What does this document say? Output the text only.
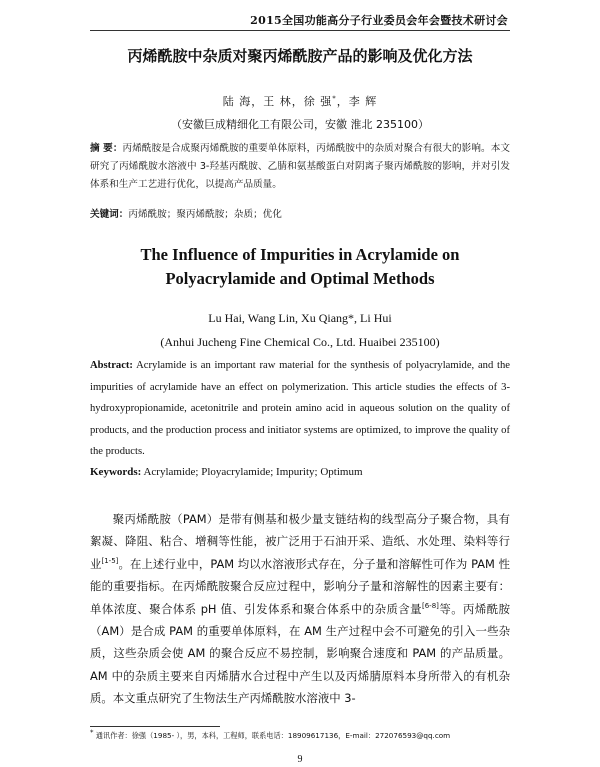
2015全国功能高分子行业委员会年会暨技术研讨会
丙烯酰胺中杂质对聚丙烯酰胺产品的影响及优化方法
陆 海，王 林，徐 强*，李 辉
（安徽巨成精细化工有限公司，安徽 淮北 235100）
摘 要：丙烯酰胺是合成聚丙烯酰胺的重要单体原料，丙烯酰胺中的杂质对聚合有很大的影响。本文研究了丙烯酰胺水溶液中 3-羟基丙酰胺、乙腈和氨基酸蛋白对阴离子聚丙烯酰胺的影响，并对引发体系和生产工艺进行优化，以提高产品质量。
关键词：丙烯酰胺；聚丙烯酰胺；杂质；优化
The Influence of Impurities in Acrylamide on Polyacrylamide and Optimal Methods
Lu Hai, Wang Lin, Xu Qiang*, Li Hui
(Anhui Jucheng Fine Chemical Co., Ltd. Huaibei 235100)
Abstract: Acrylamide is an important raw material for the synthesis of polyacrylamide, and the impurities of acrylamide have an effect on polymerization. This article studies the effects of 3-hydroxypropionamide, acetonitrile and protein amino acid in aqueous solution on the quality of products, and the production process and initiator systems are optimized, to improve the quality of the products.
Keywords: Acrylamide; Ployacrylamide; Impurity; Optimum
聚丙烯酰胺（PAM）是带有侧基和极少量支链结构的线型高分子聚合物，具有絮凝、降阻、粘合、增稠等性能，被广泛用于石油开采、造纸、水处理、染料等行业[1-5]。在上述行业中，PAM 均以水溶液形式存在，分子量和溶解性可作为 PAM 性能的重要指标。在丙烯酰胺聚合反应过程中，影响分子量和溶解性的因素主要有：单体浓度、聚合体系 pH 值、引发体系和聚合体系中的杂质含量[6-8]等。丙烯酰胺（AM）是合成 PAM 的重要单体原料，在 AM 生产过程中会不可避免的引入一些杂质，这些杂质会使 AM 的聚合反应不易控制，影响聚合速度和 PAM 的产品质量。AM 中的杂质主要来自丙烯腈水合过程中产生以及丙烯腈原料本身所带入的有机杂质。本文重点研究了生物法生产丙烯酰胺水溶液中 3-
* 通讯作者：徐强（1985- ），男，本科，工程师，联系电话：18909617136，E-mail：272076593@qq.com
9
